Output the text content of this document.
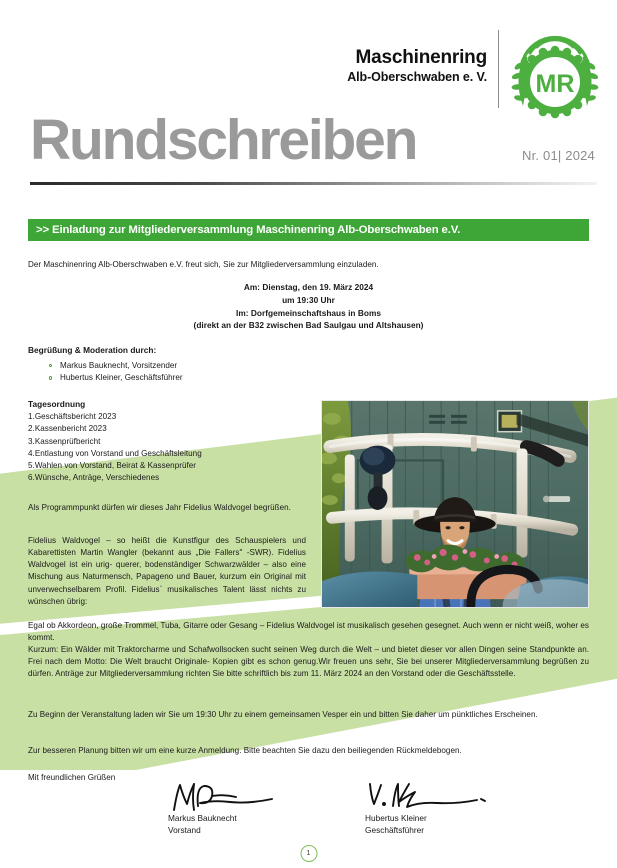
Maschinenring
Alb-Oberschwaben e. V. MR
Rundschreiben	Nr. 01| 2024
>> Einladung zur Mitgliederversammlung Maschinenring Alb-Oberschwaben e.V.
Der Maschinenring Alb-Oberschwaben e.V. freut sich, Sie zur Mitgliederversammlung einzuladen.
Am: Dienstag, den 19. März 2024
um 19:30 Uhr
Im: Dorfgemeinschaftshaus in Boms
(direkt an der B32 zwischen Bad Saulgau und Altshausen)
Begrüßung & Moderation durch:
Markus Bauknecht, Vorsitzender
Hubertus Kleiner, Geschäftsführer
Tagesordnung
Geschäftsbericht 2023
Kassenbericht 2023
Kassenprüfbericht
Entlastung von Vorstand und Geschäftsleitung
Wahlen von Vorstand, Beirat & Kassenprüfer
Wünsche, Anträge, Verschiedenes
Als Programmpunkt dürfen wir dieses Jahr Fidelius Waldvogel begrüßen.
Fidelius Waldvogel – so heißt die Kunstfigur des Schauspielers und Kabarettisten Martin Wangler (bekannt aus „Die Fallers" -SWR). Fidelius Waldvogel ist ein urig- querer, bodenständiger Schwarzwälder – also eine Mischung aus Naturmensch, Papageno und Bauer, kurzum ein Original mit unverwechselbarem Profil. Fidelius` musikalisches Talent lässt nichts zu wünschen übrig:
Egal ob Akkordeon, große Trommel, Tuba, Gitarre oder Gesang – Fidelius Waldvogel ist musikalisch gesehen gesegnet. Auch wenn er nicht weiß, woher es kommt.
Kurzum: Ein Wälder mit Traktorcharme und Schafwollsocken sucht seinen Weg durch die Welt – und bietet dieser vor allen Dingen seine Standpunkte an. Frei nach dem Motto: Die Welt braucht Originale- Kopien gibt es schon genug.Wir freuen uns sehr, Sie bei unserer Mitgliederversammlung begrüßen zu dürfen. Anträge zur Mitgliederversammlung richten Sie bitte schriftlich bis zum 11. März 2024 an den Vorstand oder die Geschäftsstelle.
Zu Beginn der Veranstaltung laden wir Sie um 19:30 Uhr zu einem gemeinsamen Vesper ein und bitten Sie daher um pünktliches Erscheinen.
Zur besseren Planung bitten wir um eine kurze Anmeldung. Bitte beachten Sie dazu den beiliegenden Rückmeldebogen.
Mit freundlichen Grüßen
Markus Bauknecht
Vorstand
Hubertus Kleiner
Geschäftsführer
1
